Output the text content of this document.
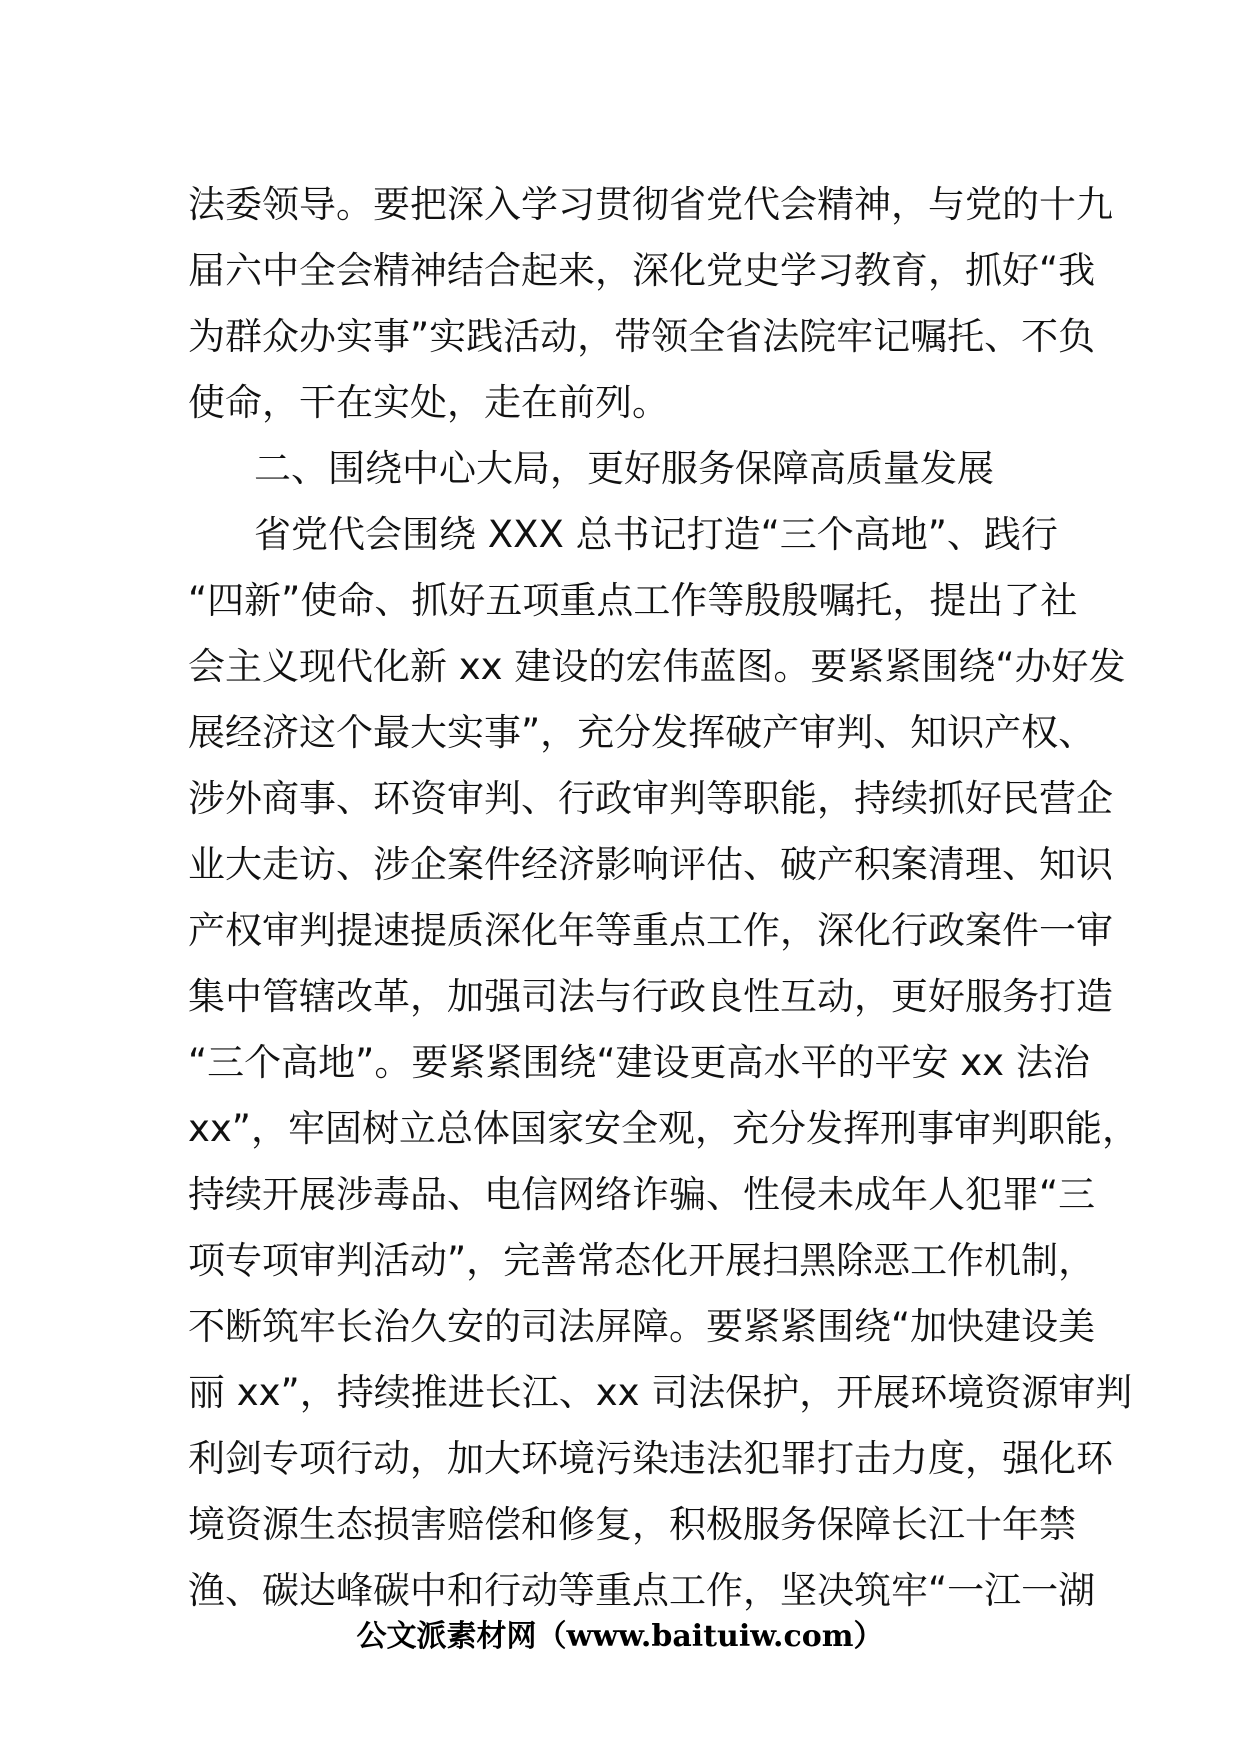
法委领导。要把深入学习贯彻省党代会精神，与党的十九
届六中全会精神结合起来，深化党史学习教育，抓好“我
为群众办实事”实践活动，带领全省法院牢记嘱托、不负
使命，干在实处，走在前列。
二、围绕中心大局，更好服务保障高质量发展
省党代会围绕 XXX 总书记打造“三个高地”、践行
“四新”使命、抓好五项重点工作等殷殷嘱托，提出了社
会主义现代化新 xx 建设的宏伟蓝图。要紧紧围绕“办好发
展经济这个最大实事”，充分发挥破产审判、知识产权、
涉外商事、环资审判、行政审判等职能，持续抓好民营企
业大走访、涉企案件经济影响评估、破产积案清理、知识
产权审判提速提质深化年等重点工作，深化行政案件一审
集中管辖改革，加强司法与行政良性互动，更好服务打造
“三个高地”。要紧紧围绕“建设更高水平的平安 xx 法治
xx”，牢固树立总体国家安全观，充分发挥刑事审判职能，
持续开展涉毒品、电信网络诈骗、性侵未成年人犯罪“三
项专项审判活动”，完善常态化开展扫黑除恶工作机制，
不断筑牢长治久安的司法屏障。要紧紧围绕“加快建设美
丽 xx”，持续推进长江、xx 司法保护，开展环境资源审判
利剑专项行动，加大环境污染违法犯罪打击力度，强化环
境资源生态损害赔偿和修复，积极服务保障长江十年禁
渔、碳达峰碳中和行动等重点工作，坚决筑牢“一江一湖
公文派素材网（www.baituiw.com）
